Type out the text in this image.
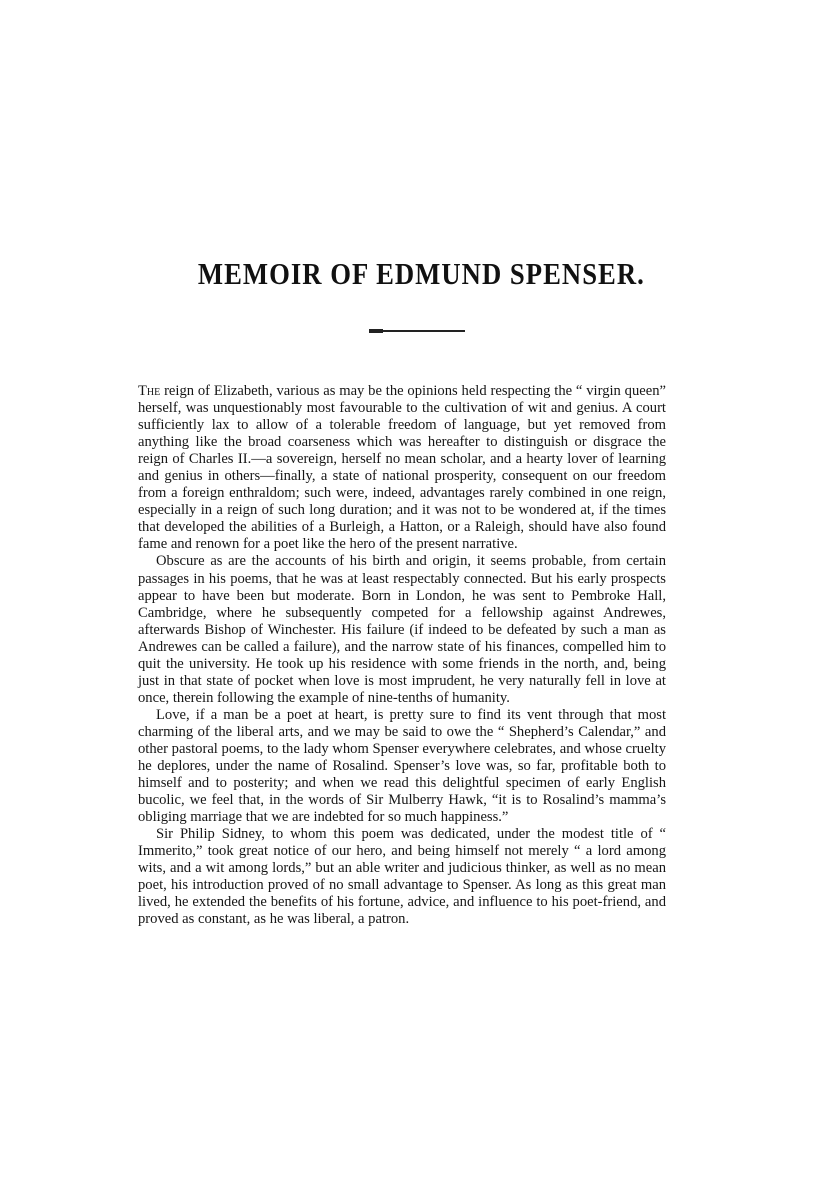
MEMOIR OF EDMUND SPENSER.

The reign of Elizabeth, various as may be the opinions held respecting the “ virgin queen” herself, was unquestionably most favourable to the cultivation of wit and genius. A court sufficiently lax to allow of a tolerable freedom of language, but yet removed from anything like the broad coarseness which was hereafter to distinguish or disgrace the reign of Charles II.—a sovereign, herself no mean scholar, and a hearty lover of learning and genius in others—finally, a state of national prosperity, consequent on our freedom from a foreign enthraldom; such were, indeed, advantages rarely combined in one reign, especially in a reign of such long duration; and it was not to be wondered at, if the times that developed the abilities of a Burleigh, a Hatton, or a Raleigh, should have also found fame and renown for a poet like the hero of the present narrative.

Obscure as are the accounts of his birth and origin, it seems probable, from certain passages in his poems, that he was at least respectably connected. But his early prospects appear to have been but moderate. Born in London, he was sent to Pembroke Hall, Cambridge, where he subsequently competed for a fellowship against Andrewes, afterwards Bishop of Winchester. His failure (if indeed to be defeated by such a man as Andrewes can be called a failure), and the narrow state of his finances, compelled him to quit the university. He took up his residence with some friends in the north, and, being just in that state of pocket when love is most imprudent, he very naturally fell in love at once, therein following the example of nine-tenths of humanity.

Love, if a man be a poet at heart, is pretty sure to find its vent through that most charming of the liberal arts, and we may be said to owe the “ Shepherd’s Calendar,” and other pastoral poems, to the lady whom Spenser everywhere celebrates, and whose cruelty he deplores, under the name of Rosalind. Spenser’s love was, so far, profitable both to himself and to posterity; and when we read this delightful specimen of early English bucolic, we feel that, in the words of Sir Mulberry Hawk, “it is to Rosalind’s mamma’s obliging marriage that we are indebted for so much happiness.”

Sir Philip Sidney, to whom this poem was dedicated, under the modest title of “ Immerito,” took great notice of our hero, and being himself not merely “ a lord among wits, and a wit among lords,” but an able writer and judicious thinker, as well as no mean poet, his introduction proved of no small advantage to Spenser. As long as this great man lived, he extended the benefits of his fortune, advice, and influence to his poet-friend, and proved as constant, as he was liberal, a patron.
